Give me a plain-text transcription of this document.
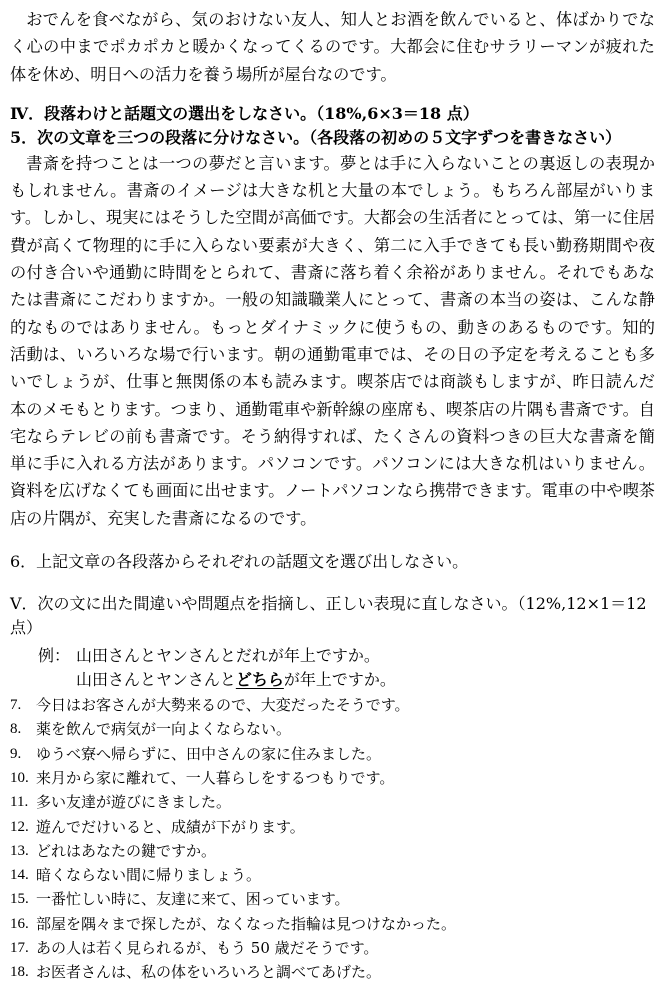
おでんを食べながら、気のおけない友人、知人とお酒を飲んでいると、体ばかりでなく心の中までポカポカと暖かくなってくるのです。大都会に住むサラリーマンが疲れた体を休め、明日への活力を養う場所が屋台なのです。

Ⅳ．段落わけと話題文の選出をしなさい。（18%,6×3＝18 点）

5．次の文章を三つの段落に分けなさい。（各段落の初めの５文字ずつを書きなさい）

書斎を持つことは一つの夢だと言います。夢とは手に入らないことの裏返しの表現かもしれません。書斎のイメージは大きな机と大量の本でしょう。もちろん部屋がいります。しかし、現実にはそうした空間が高価です。大都会の生活者にとっては、第一に住居費が高くて物理的に手に入らない要素が大きく、第二に入手できても長い勤務期間や夜の付き合いや通勤に時間をとられて、書斎に落ち着く余裕がありません。それでもあなたは書斎にこだわりますか。一般の知識職業人にとって、書斎の本当の姿は、こんな静的なものではありません。もっとダイナミックに使うもの、動きのあるものです。知的活動は、いろいろな場で行います。朝の通勤電車では、その日の予定を考えることも多いでしょうが、仕事と無関係の本も読みます。喫茶店では商談もしますが、昨日読んだ本のメモもとります。つまり、通勤電車や新幹線の座席も、喫茶店の片隅も書斎です。自宅ならテレビの前も書斎です。そう納得すれば、たくさんの資料つきの巨大な書斎を簡単に手に入れる方法があります。パソコンです。パソコンには大きな机はいりません。資料を広げなくても画面に出せます。ノートパソコンなら携帯できます。電車の中や喫茶店の片隅が、充実した書斎になるのです。

6．上記文章の各段落からそれぞれの話題文を選び出しなさい。

Ⅴ．次の文に出た間違いや問題点を指摘し、正しい表現に直しなさい。（12%,12×1＝12 点）

例： 山田さんとヤンさんとだれが年上ですか。
山田さんとヤンさんとどちらが年上ですか。
7. 今日はお客さんが大勢来るので、大変だったそうです。
8. 薬を飲んで病気が一向よくならない。
9. ゆうべ寮へ帰らずに、田中さんの家に住みました。
10. 来月から家に離れて、一人暮らしをするつもりです。
11. 多い友達が遊びにきました。
12. 遊んでだけいると、成績が下がります。
13. どれはあなたの鍵ですか。
14. 暗くならない間に帰りましょう。
15. 一番忙しい時に、友達に来て、困っています。
16. 部屋を隅々まで探したが、なくなった指輪は見つけなかった。
17. あの人は若く見られるが、もう 50 歳だそうです。
18. お医者さんは、私の体をいろいろと調べてあげた。
